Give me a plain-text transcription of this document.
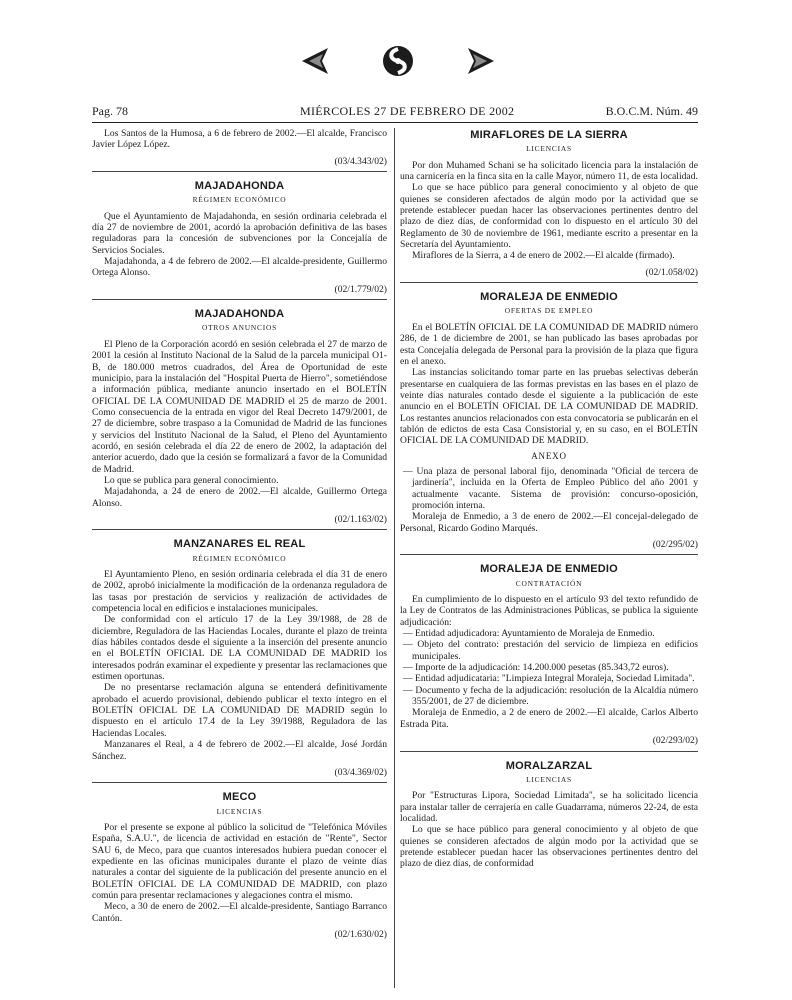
Pag. 78	MIÉRCOLES 27 DE FEBRERO DE 2002	B.O.C.M. Núm. 49
Los Santos de la Humosa, a 6 de febrero de 2002.—El alcalde, Francisco Javier López López.
(03/4.343/02)
MAJADAHONDA
RÉGIMEN ECONÓMICO
Que el Ayuntamiento de Majadahonda, en sesión ordinaria celebrada el día 27 de noviembre de 2001, acordó la aprobación definitiva de las bases reguladoras para la concesión de subvenciones por la Concejalía de Servicios Sociales.
Majadahonda, a 4 de febrero de 2002.—El alcalde-presidente, Guillermo Ortega Alonso.
(02/1.779/02)
MAJADAHONDA
OTROS ANUNCIOS
El Pleno de la Corporación acordó en sesión celebrada el 27 de marzo de 2001 la cesión al Instituto Nacional de la Salud de la parcela municipal O1-B, de 180.000 metros cuadrados, del Área de Oportunidad de este municipio, para la instalación del "Hospital Puerta de Hierro", sometiéndose a información pública, mediante anuncio insertado en el BOLETÍN OFICIAL DE LA COMUNIDAD DE MADRID el 25 de marzo de 2001. Como consecuencia de la entrada en vigor del Real Decreto 1479/2001, de 27 de diciembre, sobre traspaso a la Comunidad de Madrid de las funciones y servicios del Instituto Nacional de la Salud, el Pleno del Ayuntamiento acordó, en sesión celebrada el día 22 de enero de 2002, la adaptación del anterior acuerdo, dado que la cesión se formalizará a favor de la Comunidad de Madrid.
Lo que se publica para general conocimiento.
Majadahonda, a 24 de enero de 2002.—El alcalde, Guillermo Ortega Alonso.
(02/1.163/02)
MANZANARES EL REAL
RÉGIMEN ECONÓMICO
El Ayuntamiento Pleno, en sesión ordinaria celebrada el día 31 de enero de 2002, aprobó inicialmente la modificación de la ordenanza reguladora de las tasas por prestación de servicios y realización de actividades de competencia local en edificios e instalaciones municipales.
De conformidad con el artículo 17 de la Ley 39/1988, de 28 de diciembre, Reguladora de las Haciendas Locales, durante el plazo de treinta días hábiles contados desde el siguiente a la inserción del presente anuncio en el BOLETÍN OFICIAL DE LA COMUNIDAD DE MADRID los interesados podrán examinar el expediente y presentar las reclamaciones que estimen oportunas.
De no presentarse reclamación alguna se entenderá definitivamente aprobado el acuerdo provisional, debiendo publicar el texto íntegro en el BOLETÍN OFICIAL DE LA COMUNIDAD DE MADRID según lo dispuesto en el artículo 17.4 de la Ley 39/1988, Reguladora de las Haciendas Locales.
Manzanares el Real, a 4 de febrero de 2002.—El alcalde, José Jordán Sánchez.
(03/4.369/02)
MECO
LICENCIAS
Por el presente se expone al público la solicitud de "Telefónica Móviles España, S.A.U.", de licencia de actividad en estación de "Rente", Sector SAU 6, de Meco, para que cuantos interesados hubiera puedan conocer el expediente en las oficinas municipales durante el plazo de veinte días naturales a contar del siguiente de la publicación del presente anuncio en el BOLETÍN OFICIAL DE LA COMUNIDAD DE MADRID, con plazo común para presentar reclamaciones y alegaciones contra el mismo.
Meco, a 30 de enero de 2002.—El alcalde-presidente, Santiago Barranco Cantón.
(02/1.630/02)
MIRAFLORES DE LA SIERRA
LICENCIAS
Por don Muhamed Schani se ha solicitado licencia para la instalación de una carnicería en la finca sita en la calle Mayor, número 11, de esta localidad.
Lo que se hace público para general conocimiento y al objeto de que quienes se consideren afectados de algún modo por la actividad que se pretende establecer puedan hacer las observaciones pertinentes dentro del plazo de diez días, de conformidad con lo dispuesto en el artículo 30 del Reglamento de 30 de noviembre de 1961, mediante escrito a presentar en la Secretaría del Ayuntamiento.
Miraflores de la Sierra, a 4 de enero de 2002.—El alcalde (firmado).
(02/1.058/02)
MORALEJA DE ENMEDIO
OFERTAS DE EMPLEO
En el BOLETÍN OFICIAL DE LA COMUNIDAD DE MADRID número 286, de 1 de diciembre de 2001, se han publicado las bases aprobadas por esta Concejalía delegada de Personal para la provisión de la plaza que figura en el anexo.
Las instancias solicitando tomar parte en las pruebas selectivas deberán presentarse en cualquiera de las formas previstas en las bases en el plazo de veinte días naturales contado desde el siguiente a la publicación de este anuncio en el BOLETÍN OFICIAL DE LA COMUNIDAD DE MADRID. Los restantes anuncios relacionados con esta convocatoria se publicarán en el tablón de edictos de esta Casa Consistorial y, en su caso, en el BOLETÍN OFICIAL DE LA COMUNIDAD DE MADRID.
ANEXO
— Una plaza de personal laboral fijo, denominada "Oficial de tercera de jardinería", incluida en la Oferta de Empleo Público del año 2001 y actualmente vacante. Sistema de provisión: concurso-oposición, promoción interna.
Moraleja de Enmedio, a 3 de enero de 2002.—El concejal-delegado de Personal, Ricardo Godino Marqués.
(02/295/02)
MORALEJA DE ENMEDIO
CONTRATACIÓN
En cumplimiento de lo dispuesto en el artículo 93 del texto refundido de la Ley de Contratos de las Administraciones Públicas, se publica la siguiente adjudicación:
— Entidad adjudicadora: Ayuntamiento de Moraleja de Enmedio.
— Objeto del contrato: prestación del servicio de limpieza en edificios municipales.
— Importe de la adjudicación: 14.200.000 pesetas (85.343,72 euros).
— Entidad adjudicataria: "Limpieza Integral Moraleja, Sociedad Limitada".
— Documento y fecha de la adjudicación: resolución de la Alcaldía número 355/2001, de 27 de diciembre.
Moraleja de Enmedio, a 2 de enero de 2002.—El alcalde, Carlos Alberto Estrada Pita.
(02/293/02)
MORALZARZAL
LICENCIAS
Por "Estructuras Lipora, Sociedad Limitada", se ha solicitado licencia para instalar taller de cerrajería en calle Guadarrama, números 22-24, de esta localidad.
Lo que se hace público para general conocimiento y al objeto de que quienes se consideren afectados de algún modo por la actividad que se pretende establecer puedan hacer las observaciones pertinentes dentro del plazo de diez días, de conformidad
